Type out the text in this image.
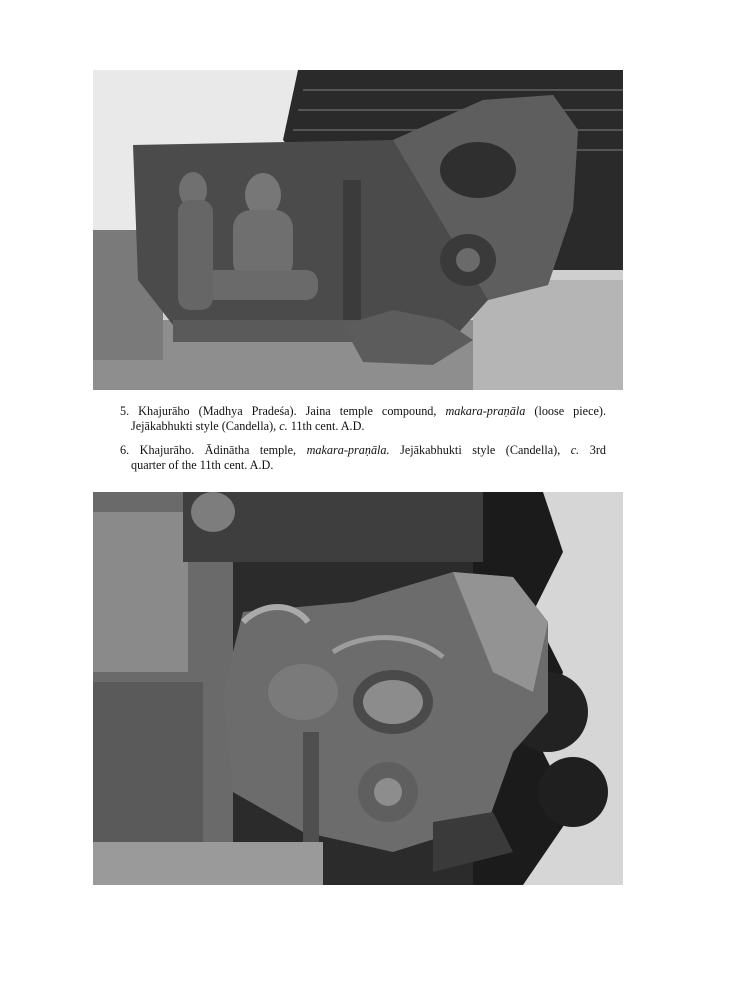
5. Khajurāho (Madhya Pradeśa). Jaina temple compound, makara-praṇāla (loose piece).
Jejākabhukti style (Candella), c. 11th cent. A.D.

6. Khajurāho. Ādinātha temple, makara-praṇāla. Jejākabhukti style (Candella), c. 3rd
quarter of the 11th cent. A.D.
